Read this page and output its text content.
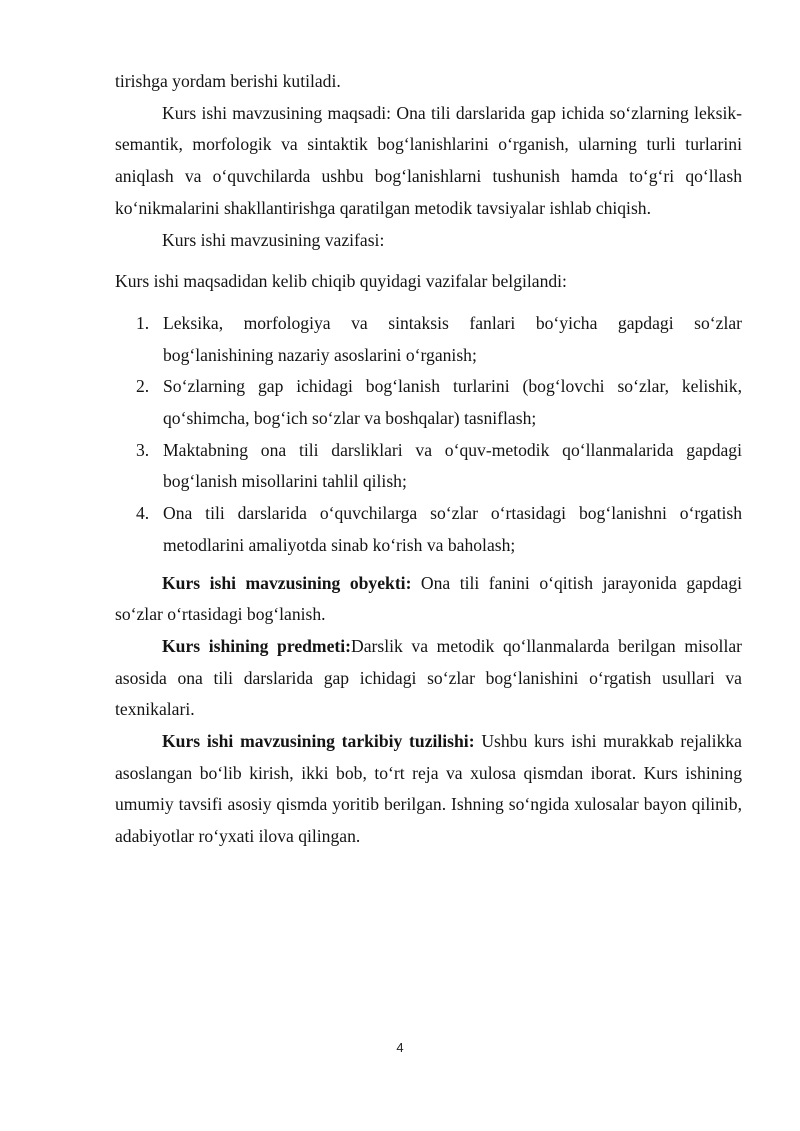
tirishga yordam berishi kutiladi.

Kurs ishi mavzusining maqsadi: Ona tili darslarida gap ichida so‘zlarning leksik-semantik, morfologik va sintaktik bog‘lanishlarini o‘rganish, ularning turli turlarini aniqlash va o‘quvchilarda ushbu bog‘lanishlarni tushunish hamda to‘g‘ri qo‘llash ko‘nikmalarini shakllantirishga qaratilgan metodik tavsiyalar ishlab chiqish.

Kurs ishi mavzusining vazifasi:

Kurs ishi maqsadidan kelib chiqib quyidagi vazifalar belgilandi:

1. Leksika, morfologiya va sintaksis fanlari bo‘yicha gapdagi so‘zlar bog‘lanishining nazariy asoslarini o‘rganish;
2. So‘zlarning gap ichidagi bog‘lanish turlarini (bog‘lovchi so‘zlar, kelishik, qo‘shimcha, bog‘ich so‘zlar va boshqalar) tasniflash;
3. Maktabning ona tili darsliklari va o‘quv-metodik qo‘llanmalarida gapdagi bog‘lanish misollarini tahlil qilish;
4. Ona tili darslarida o‘quvchilarga so‘zlar o‘rtasidagi bog‘lanishni o‘rgatish metodlarini amaliyotda sinab ko‘rish va baholash;

Kurs ishi mavzusining obyekti: Ona tili fanini o‘qitish jarayonida gapdagi so‘zlar o‘rtasidagi bog‘lanish.

Kurs ishining predmeti:Darslik va metodik qo‘llanmalarda berilgan misollar asosida ona tili darslarida gap ichidagi so‘zlar bog‘lanishini o‘rgatish usullari va texnikalari.

Kurs ishi mavzusining tarkibiy tuzilishi: Ushbu kurs ishi murakkab rejalikka asoslangan bo‘lib kirish, ikki bob, to‘rt reja va xulosa qismdan iborat. Kurs ishining umumiy tavsifi asosiy qismda yoritib berilgan. Ishning so‘ngida xulosalar bayon qilinib, adabiyotlar ro‘yxati ilova qilingan.

4
